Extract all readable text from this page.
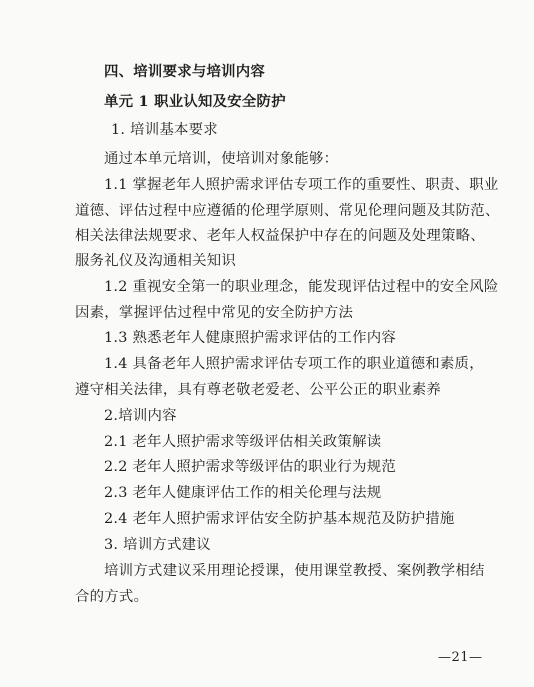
四、培训要求与培训内容
单元 1 职业认知及安全防护
1. 培训基本要求
通过本单元培训，使培训对象能够：
1.1 掌握老年人照护需求评估专项工作的重要性、职责、职业
道德、评估过程中应遵循的伦理学原则、常见伦理问题及其防范、
相关法律法规要求、老年人权益保护中存在的问题及处理策略、
服务礼仪及沟通相关知识
1.2 重视安全第一的职业理念，能发现评估过程中的安全风险
因素，掌握评估过程中常见的安全防护方法
1.3 熟悉老年人健康照护需求评估的工作内容
1.4 具备老年人照护需求评估专项工作的职业道德和素质，
遵守相关法律，具有尊老敬老爱老、公平公正的职业素养
2.培训内容
2.1 老年人照护需求等级评估相关政策解读
2.2 老年人照护需求等级评估的职业行为规范
2.3 老年人健康评估工作的相关伦理与法规
2.4 老年人照护需求评估安全防护基本规范及防护措施
3. 培训方式建议
培训方式建议采用理论授课，使用课堂教授、案例教学相结
合的方式。
—21—
